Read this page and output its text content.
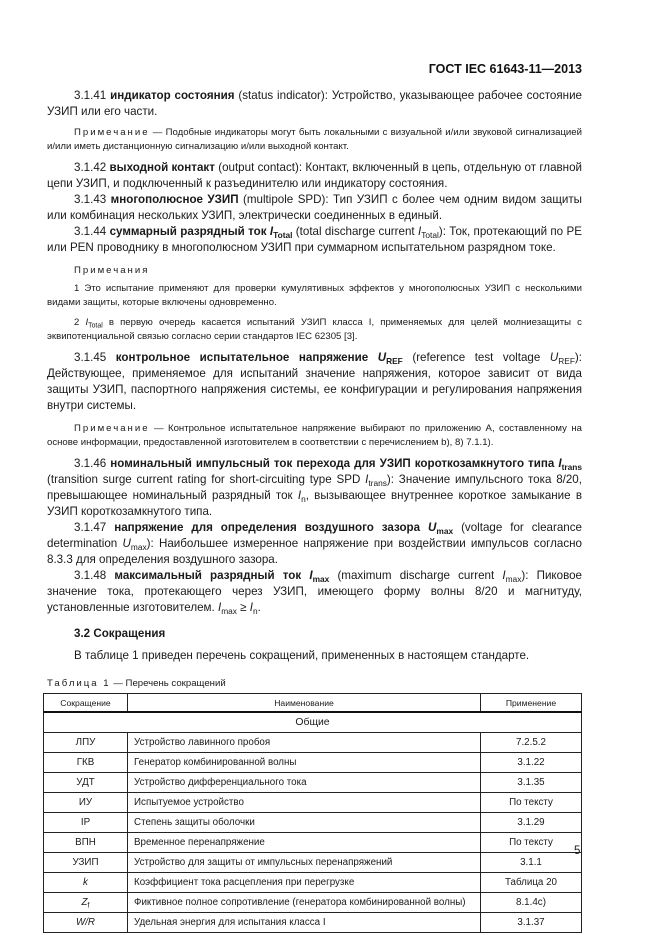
ГОСТ IEC 61643-11—2013

3.1.41 индикатор состояния (status indicator): Устройство, указывающее рабочее состояние УЗИП или его части.

Примечание — Подобные индикаторы могут быть локальными с визуальной и/или звуковой сигнализацией и/или иметь дистанционную сигнализацию и/или выходной контакт.

3.1.42 выходной контакт (output contact): Контакт, включенный в цепь, отдельную от главной цепи УЗИП, и подключенный к разъединителю или индикатору состояния.

3.1.43 многополюсное УЗИП (multipole SPD): Тип УЗИП с более чем одним видом защиты или комбинация нескольких УЗИП, электрически соединенных в единый.

3.1.44 суммарный разрядный ток $I_{Total}$ (total discharge current $I_{Total}$): Ток, протекающий по PE или PEN проводнику в многополюсном УЗИП при суммарном испытательном разрядном токе.

Примечания

1 Это испытание применяют для проверки кумулятивных эффектов у многополюсных УЗИП с несколькими видами защиты, которые включены одновременно.

2 $I_{Total}$ в первую очередь касается испытаний УЗИП класса I, применяемых для целей молниезащиты с эквипотенциальной связью согласно серии стандартов IEC 62305 [3].

3.1.45 контрольное испытательное напряжение $U_{REF}$ (reference test voltage $U_{REF}$): Действующее, применяемое для испытаний значение напряжения, которое зависит от вида защиты УЗИП, паспортного напряжения системы, ее конфигурации и регулирования напряжения внутри системы.

Примечание — Контрольное испытательное напряжение выбирают по приложению А, составленному на основе информации, предоставленной изготовителем в соответствии с перечислением b), 8) 7.1.1).

3.1.46 номинальный импульсный ток перехода для УЗИП короткозамкнутого типа $I_{trans}$ (transition surge current rating for short-circuiting type SPD $I_{trans}$): Значение импульсного тока 8/20, превышающее номинальный разрядный ток $I_n$, вызывающее внутреннее короткое замыкание в УЗИП короткозамкнутого типа.

3.1.47 напряжение для определения воздушного зазора $U_{max}$ (voltage for clearance determination $U_{max}$): Наибольшее измеренное напряжение при воздействии импульсов согласно 8.3.3 для определения воздушного зазора.

3.1.48 максимальный разрядный ток $I_{max}$ (maximum discharge current $I_{max}$): Пиковое значение тока, протекающего через УЗИП, имеющего форму волны 8/20 и магнитуду, установленные изготовителем. $I_{max} \ge I_n$.

3.2 Сокращения

В таблице 1 приведен перечень сокращений, примененных в настоящем стандарте.

Таблица 1 — Перечень сокращений
Сокращение	Наименование	Применение
Общие		
ЛПУ	Устройство лавинного пробоя	7.2.5.2
ГКВ	Генератор комбинированной волны	3.1.22
УДТ	Устройство дифференциального тока	3.1.35
ИУ	Испытуемое устройство	По тексту
IP	Степень защиты оболочки	3.1.29
ВПН	Временное перенапряжение	По тексту
УЗИП	Устройство для защиты от импульсных перенапряжений	3.1.1
k	Коэффициент тока расцепления при перегрузке	Таблица 20
$Z_f$	Фиктивное полное сопротивление (генератора комбинированной волны)	8.1.4c)
W/R	Удельная энергия для испытания класса I	3.1.37
5
